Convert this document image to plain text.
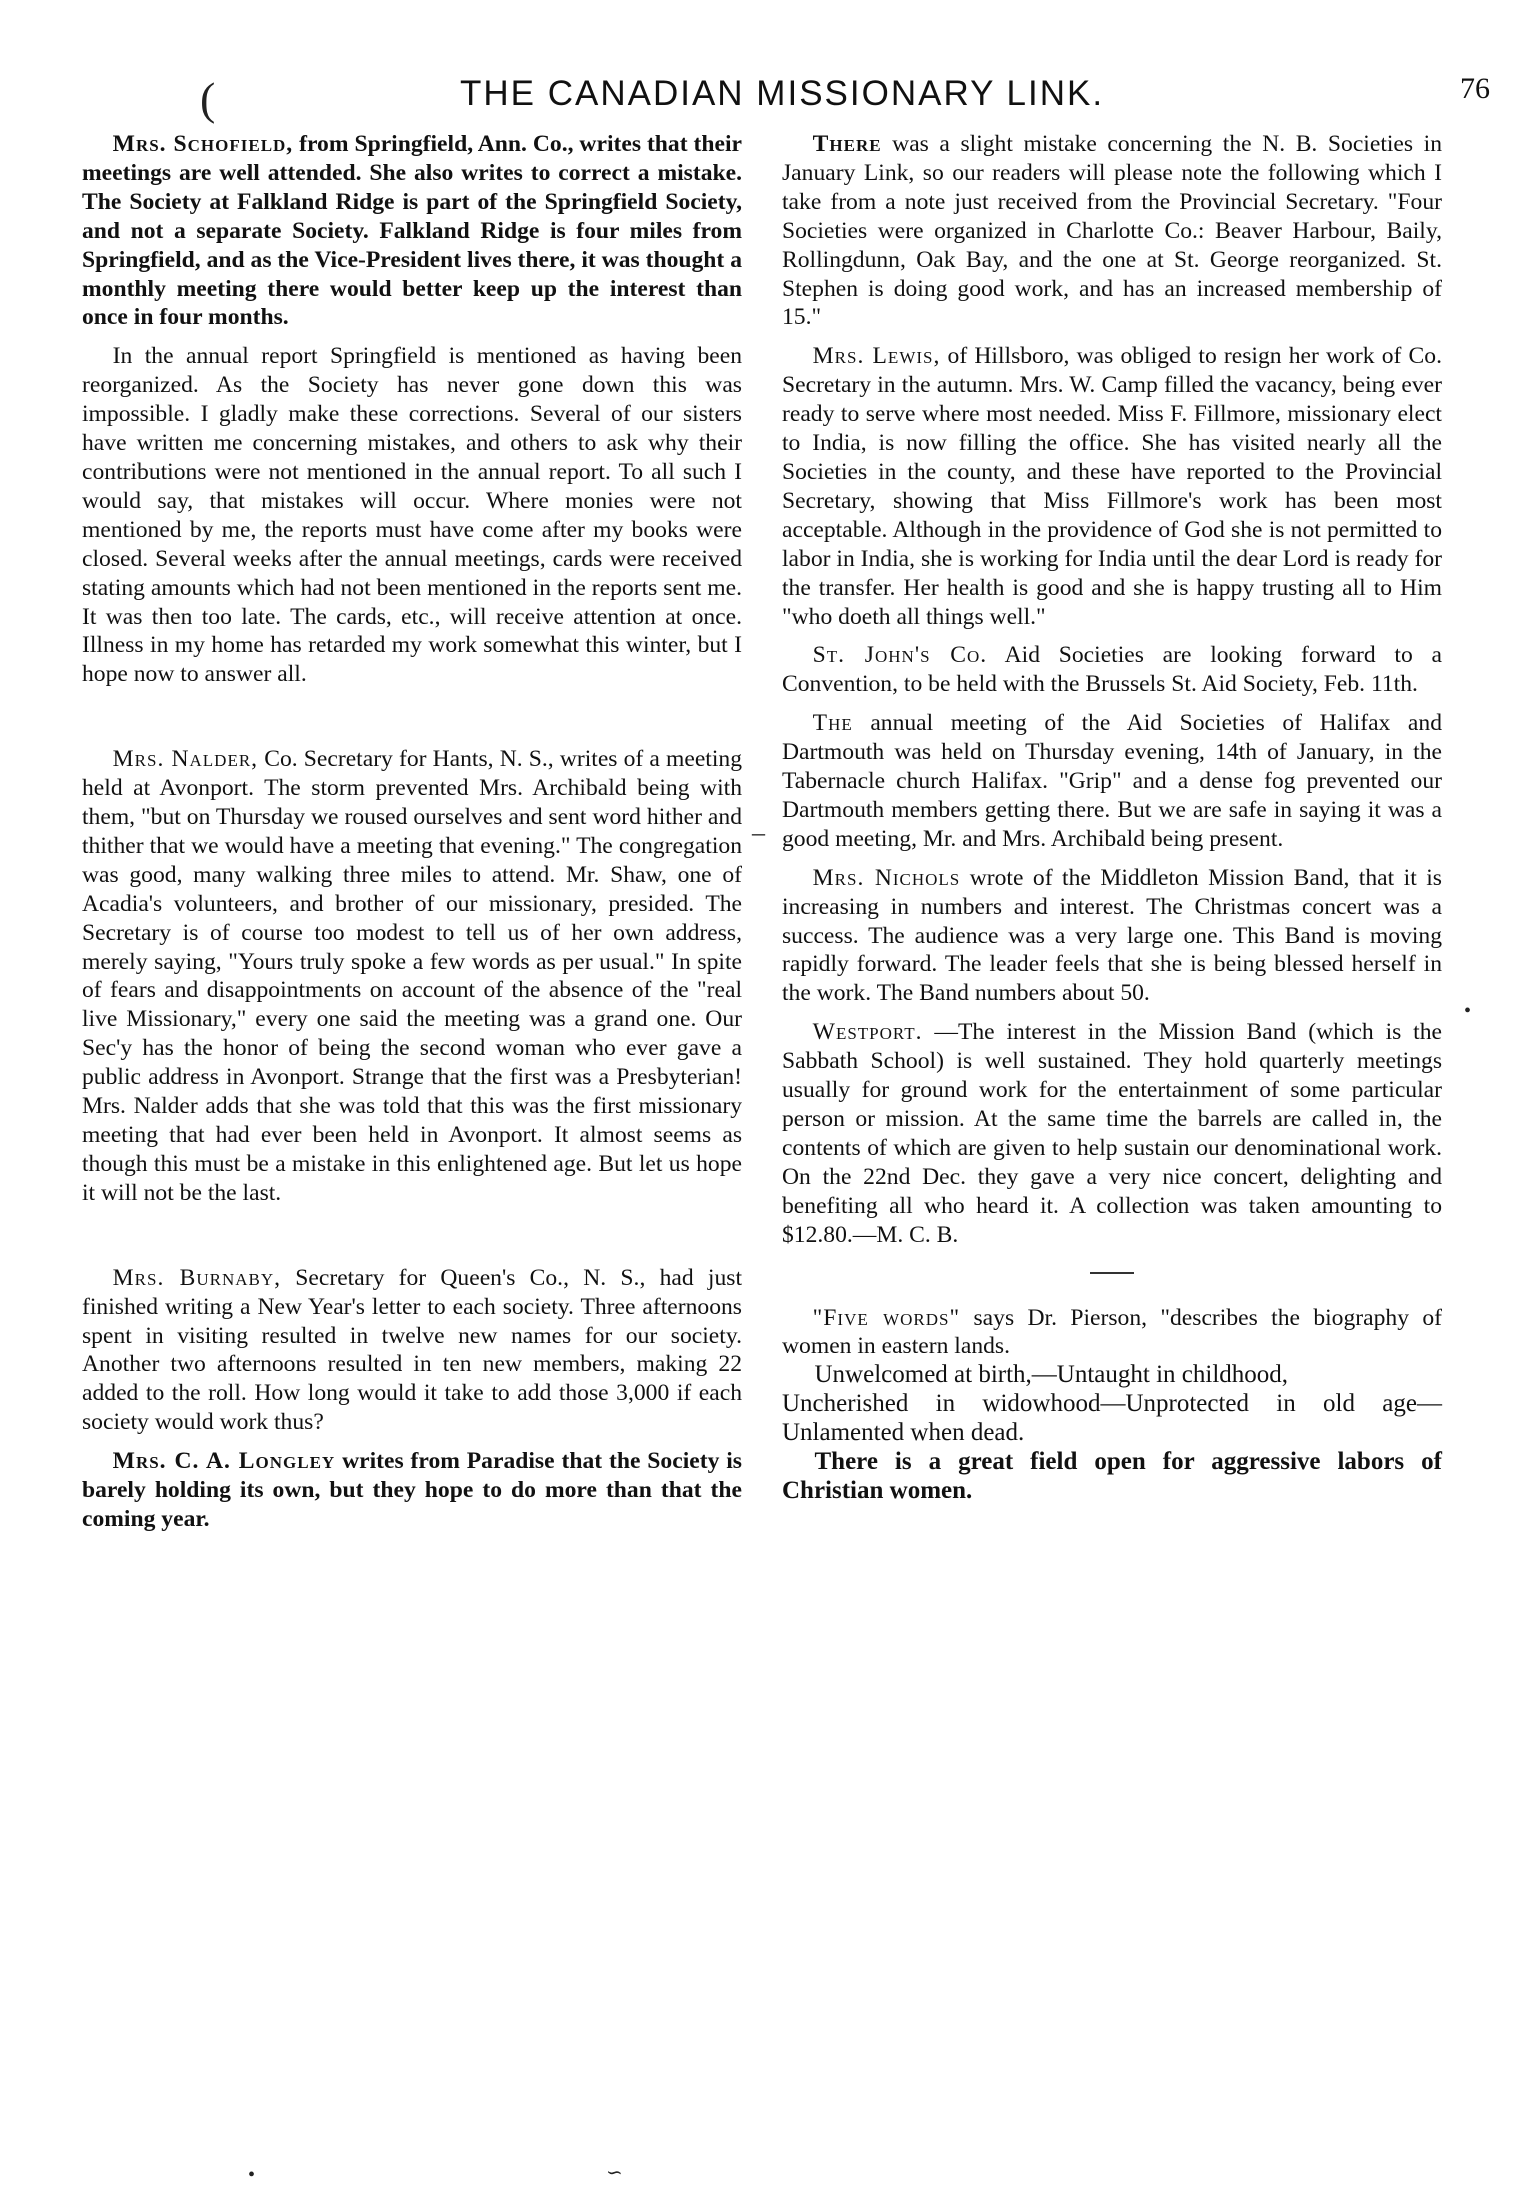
(	THE CANADIAN MISSIONARY LINK.	76

Mrs. Schofield, from Springfield, Ann. Co., writes that their meetings are well attended. She also writes to correct a mistake. The Society at Falkland Ridge is part of the Springfield Society, and not a separate Society. Falkland Ridge is four miles from Springfield, and as the Vice-President lives there, it was thought a monthly meeting there would better keep up the interest than once in four months.

In the annual report Springfield is mentioned as having been reorganized. As the Society has never gone down this was impossible. I gladly make these corrections. Several of our sisters have written me concerning mistakes, and others to ask why their contributions were not mentioned in the annual report. To all such I would say, that mistakes will occur. Where monies were not mentioned by me, the reports must have come after my books were closed. Several weeks after the annual meetings, cards were received stating amounts which had not been mentioned in the reports sent me. It was then too late. The cards, etc., will receive attention at once. Illness in my home has retarded my work somewhat this winter, but I hope now to answer all.

Mrs. Nalder, Co. Secretary for Hants, N. S., writes of a meeting held at Avonport. The storm prevented Mrs. Archibald being with them, "but on Thursday we roused ourselves and sent word hither and thither that we would have a meeting that evening." The congregation was good, many walking three miles to attend. Mr. Shaw, one of Acadia's volunteers, and brother of our missionary, presided. The Secretary is of course too modest to tell us of her own address, merely saying, "Yours truly spoke a few words as per usual." In spite of fears and disappointments on account of the absence of the "real live Missionary," every one said the meeting was a grand one. Our Sec'y has the honor of being the second woman who ever gave a public address in Avonport. Strange that the first was a Presbyterian! Mrs. Nalder adds that she was told that this was the first missionary meeting that had ever been held in Avonport. It almost seems as though this must be a mistake in this enlightened age. But let us hope it will not be the last.

Mrs. Burnaby, Secretary for Queen's Co., N. S., had just finished writing a New Year's letter to each society. Three afternoons spent in visiting resulted in twelve new names for our society. Another two afternoons resulted in ten new members, making 22 added to the roll. How long would it take to add those 3,000 if each society would work thus?

Mrs. C. A. Longley writes from Paradise that the Society is barely holding its own, but they hope to do more than that the coming year.

There was a slight mistake concerning the N. B. Societies in January Link, so our readers will please note the following which I take from a note just received from the Provincial Secretary. "Four Societies were organized in Charlotte Co.: Beaver Harbour, Baily, Rollingdunn, Oak Bay, and the one at St. George reorganized. St. Stephen is doing good work, and has an increased membership of 15."

Mrs. Lewis, of Hillsboro, was obliged to resign her work of Co. Secretary in the autumn. Mrs. W. Camp filled the vacancy, being ever ready to serve where most needed. Miss F. Fillmore, missionary elect to India, is now filling the office. She has visited nearly all the Societies in the county, and these have reported to the Provincial Secretary, showing that Miss Fillmore's work has been most acceptable. Although in the providence of God she is not permitted to labor in India, she is working for India until the dear Lord is ready for the transfer. Her health is good and she is happy trusting all to Him "who doeth all things well."

St. John's Co. Aid Societies are looking forward to a Convention, to be held with the Brussels St. Aid Society, Feb. 11th.

The annual meeting of the Aid Societies of Halifax and Dartmouth was held on Thursday evening, 14th of January, in the Tabernacle church Halifax. "Grip" and a dense fog prevented our Dartmouth members getting there. But we are safe in saying it was a good meeting, Mr. and Mrs. Archibald being present.

Mrs. Nichols wrote of the Middleton Mission Band, that it is increasing in numbers and interest. The Christmas concert was a success. The audience was a very large one. This Band is moving rapidly forward. The leader feels that she is being blessed herself in the work. The Band numbers about 50.

Westport. —The interest in the Mission Band (which is the Sabbath School) is well sustained. They hold quarterly meetings usually for ground work for the entertainment of some particular person or mission. At the same time the barrels are called in, the contents of which are given to help sustain our denominational work. On the 22nd Dec. they gave a very nice concert, delighting and benefiting all who heard it. A collection was taken amounting to $12.80.—M. C. B.

"Five words" says Dr. Pierson, "describes the biography of women in eastern lands.

Unwelcomed at birth,—Untaught in childhood,

Uncherished in widowhood—Unprotected in old age—Unlamented when dead.

There is a great field open for aggressive labors of Christian women.

–
•
•	∽
